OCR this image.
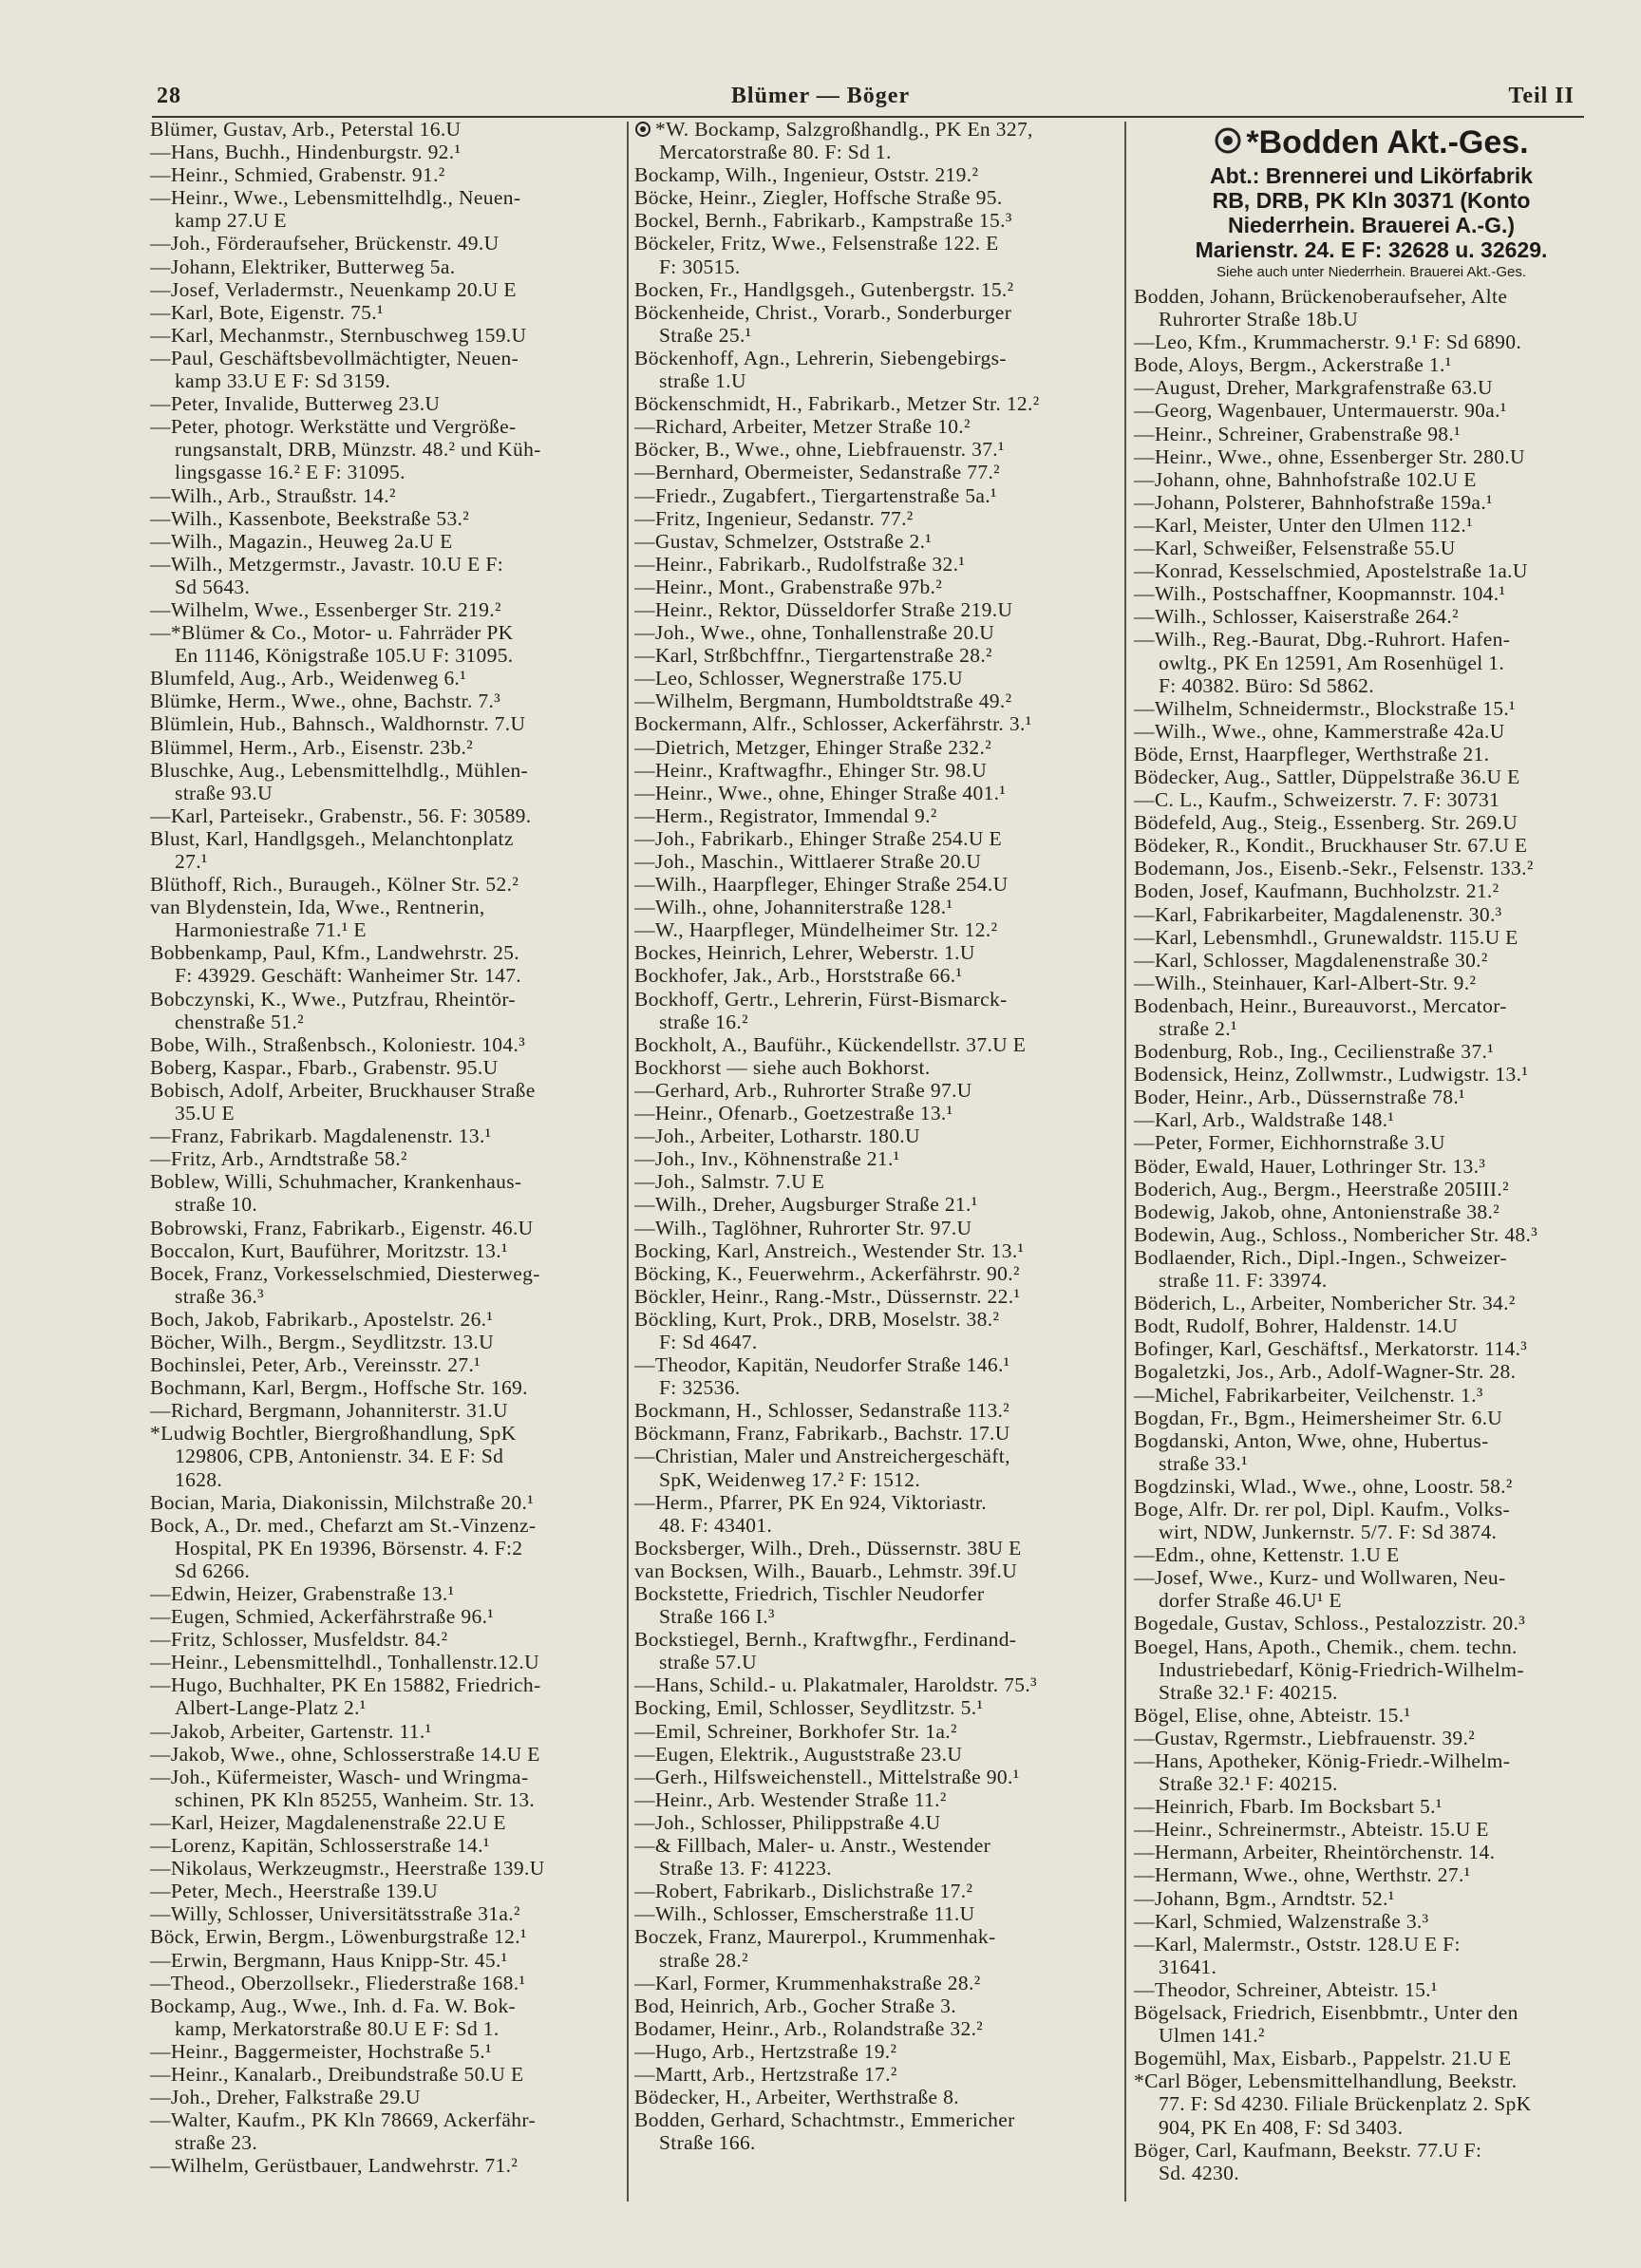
28	Blümer — Böger	Teil II
*Bodden Akt.-Ges.
Abt.: Brennerei und Likörfabrik
RB, DRB, PK Kln 30371 (Konto
Niederrhein. Brauerei A.-G.)
Marienstr. 24. E F: 32628 u. 32629.
Siehe auch unter Niederrhein. Brauerei Akt.-Ges.
Blümer, Gustav, Arb., Peterstal 16.U
—Hans, Buchh., Hindenburgstr. 92.¹
—Heinr., Schmied, Grabenstr. 91.²
—Heinr., Wwe., Lebensmittelhdlg., Neuen-
kamp 27.U E
—Joh., Förderaufseher, Brückenstr. 49.U
—Johann, Elektriker, Butterweg 5a.
—Josef, Verladermstr., Neuenkamp 20.U E
—Karl, Bote, Eigenstr. 75.¹
—Karl, Mechanmstr., Sternbuschweg 159.U
—Paul, Geschäftsbevollmächtigter, Neuen-
kamp 33.U E F: Sd 3159.
—Peter, Invalide, Butterweg 23.U
—Peter, photogr. Werkstätte und Vergröße-
rungsanstalt, DRB, Münzstr. 48.² und Küh-
lingsgasse 16.² E F: 31095.
—Wilh., Arb., Straußstr. 14.²
—Wilh., Kassenbote, Beekstraße 53.²
—Wilh., Magazin., Heuweg 2a.U E
—Wilh., Metzgermstr., Javastr. 10.U E F:
Sd 5643.
—Wilhelm, Wwe., Essenberger Str. 219.²
—*Blümer & Co., Motor- u. Fahrräder PK
En 11146, Königstraße 105.U F: 31095.
Blumfeld, Aug., Arb., Weidenweg 6.¹
Blümke, Herm., Wwe., ohne, Bachstr. 7.³
Blümlein, Hub., Bahnsch., Waldhornstr. 7.U
Blümmel, Herm., Arb., Eisenstr. 23b.²
Bluschke, Aug., Lebensmittelhdlg., Mühlen-
straße 93.U
—Karl, Parteisekr., Grabenstr., 56. F: 30589.
Blust, Karl, Handlgsgeh., Melanchtonplatz
27.¹
Blüthoff, Rich., Buraugeh., Kölner Str. 52.²
van Blydenstein, Ida, Wwe., Rentnerin,
Harmoniestraße 71.¹ E
Bobbenkamp, Paul, Kfm., Landwehrstr. 25.
F: 43929. Geschäft: Wanheimer Str. 147.
Bobczynski, K., Wwe., Putzfrau, Rheintör-
chenstraße 51.²
Bobe, Wilh., Straßenbsch., Koloniestr. 104.³
Boberg, Kaspar., Fbarb., Grabenstr. 95.U
Bobisch, Adolf, Arbeiter, Bruckhauser Straße
35.U E
—Franz, Fabrikarb. Magdalenenstr. 13.¹
—Fritz, Arb., Arndtstraße 58.²
Boblew, Willi, Schuhmacher, Krankenhaus-
straße 10.
Bobrowski, Franz, Fabrikarb., Eigenstr. 46.U
Boccalon, Kurt, Bauführer, Moritzstr. 13.¹
Bocek, Franz, Vorkesselschmied, Diesterweg-
straße 36.³
Boch, Jakob, Fabrikarb., Apostelstr. 26.¹
Böcher, Wilh., Bergm., Seydlitzstr. 13.U
Bochinslei, Peter, Arb., Vereinsstr. 27.¹
Bochmann, Karl, Bergm., Hoffsche Str. 169.
—Richard, Bergmann, Johanniterstr. 31.U
*Ludwig Bochtler, Biergroßhandlung, SpK
129806, CPB, Antonienstr. 34. E F: Sd
1628.
Bocian, Maria, Diakonissin, Milchstraße 20.¹
Bock, A., Dr. med., Chefarzt am St.-Vinzenz-
Hospital, PK En 19396, Börsenstr. 4. F:2
Sd 6266.
—Edwin, Heizer, Grabenstraße 13.¹
—Eugen, Schmied, Ackerfährstraße 96.¹
—Fritz, Schlosser, Musfeldstr. 84.²
—Heinr., Lebensmittelhdl., Tonhallenstr.12.U
—Hugo, Buchhalter, PK En 15882, Friedrich-
Albert-Lange-Platz 2.¹
—Jakob, Arbeiter, Gartenstr. 11.¹
—Jakob, Wwe., ohne, Schlosserstraße 14.U E
—Joh., Küfermeister, Wasch- und Wringma-
schinen, PK Kln 85255, Wanheim. Str. 13.
—Karl, Heizer, Magdalenenstraße 22.U E
—Lorenz, Kapitän, Schlosserstraße 14.¹
—Nikolaus, Werkzeugmstr., Heerstraße 139.U
—Peter, Mech., Heerstraße 139.U
—Willy, Schlosser, Universitätsstraße 31a.²
Böck, Erwin, Bergm., Löwenburgstraße 12.¹
—Erwin, Bergmann, Haus Knipp-Str. 45.¹
—Theod., Oberzollsekr., Fliederstraße 168.¹
Bockamp, Aug., Wwe., Inh. d. Fa. W. Bok-
kamp, Merkatorstraße 80.U E F: Sd 1.
—Heinr., Baggermeister, Hochstraße 5.¹
—Heinr., Kanalarb., Dreibundstraße 50.U E
—Joh., Dreher, Falkstraße 29.U
—Walter, Kaufm., PK Kln 78669, Ackerfähr-
straße 23.
—Wilhelm, Gerüstbauer, Landwehrstr. 71.²
*W. Bockamp, Salzgroßhandlg., PK En 327,
Mercatorstraße 80. F: Sd 1.
Bockamp, Wilh., Ingenieur, Oststr. 219.²
Böcke, Heinr., Ziegler, Hoffsche Straße 95.
Bockel, Bernh., Fabrikarb., Kampstraße 15.³
Böckeler, Fritz, Wwe., Felsenstraße 122. E
F: 30515.
Bocken, Fr., Handlgsgeh., Gutenbergstr. 15.²
Böckenheide, Christ., Vorarb., Sonderburger
Straße 25.¹
Böckenhoff, Agn., Lehrerin, Siebengebirgs-
straße 1.U
Böckenschmidt, H., Fabrikarb., Metzer Str. 12.²
—Richard, Arbeiter, Metzer Straße 10.²
Böcker, B., Wwe., ohne, Liebfrauenstr. 37.¹
—Bernhard, Obermeister, Sedanstraße 77.²
—Friedr., Zugabfert., Tiergartenstraße 5a.¹
—Fritz, Ingenieur, Sedanstr. 77.²
—Gustav, Schmelzer, Oststraße 2.¹
—Heinr., Fabrikarb., Rudolfstraße 32.¹
—Heinr., Mont., Grabenstraße 97b.²
—Heinr., Rektor, Düsseldorfer Straße 219.U
—Joh., Wwe., ohne, Tonhallenstraße 20.U
—Karl, Strßbchffnr., Tiergartenstraße 28.²
—Leo, Schlosser, Wegnerstraße 175.U
—Wilhelm, Bergmann, Humboldtstraße 49.²
Bockermann, Alfr., Schlosser, Ackerfährstr. 3.¹
—Dietrich, Metzger, Ehinger Straße 232.²
—Heinr., Kraftwagfhr., Ehinger Str. 98.U
—Heinr., Wwe., ohne, Ehinger Straße 401.¹
—Herm., Registrator, Immendal 9.²
—Joh., Fabrikarb., Ehinger Straße 254.U E
—Joh., Maschin., Wittlaerer Straße 20.U
—Wilh., Haarpfleger, Ehinger Straße 254.U
—Wilh., ohne, Johanniterstraße 128.¹
—W., Haarpfleger, Mündelheimer Str. 12.²
Bockes, Heinrich, Lehrer, Weberstr. 1.U
Bockhofer, Jak., Arb., Horststraße 66.¹
Bockhoff, Gertr., Lehrerin, Fürst-Bismarck-
straße 16.²
Bockholt, A., Bauführ., Kückendellstr. 37.U E
Bockhorst — siehe auch Bokhorst.
—Gerhard, Arb., Ruhrorter Straße 97.U
—Heinr., Ofenarb., Goetzestraße 13.¹
—Joh., Arbeiter, Lotharstr. 180.U
—Joh., Inv., Köhnenstraße 21.¹
—Joh., Salmstr. 7.U E
—Wilh., Dreher, Augsburger Straße 21.¹
—Wilh., Taglöhner, Ruhrorter Str. 97.U
Bocking, Karl, Anstreich., Westender Str. 13.¹
Böcking, K., Feuerwehrm., Ackerfährstr. 90.²
Böckler, Heinr., Rang.-Mstr., Düssernstr. 22.¹
Böckling, Kurt, Prok., DRB, Moselstr. 38.²
F: Sd 4647.
—Theodor, Kapitän, Neudorfer Straße 146.¹
F: 32536.
Bockmann, H., Schlosser, Sedanstraße 113.²
Böckmann, Franz, Fabrikarb., Bachstr. 17.U
—Christian, Maler und Anstreichergeschäft,
SpK, Weidenweg 17.² F: 1512.
—Herm., Pfarrer, PK En 924, Viktoriastr.
48. F: 43401.
Bocksberger, Wilh., Dreh., Düssernstr. 38U E
van Bocksen, Wilh., Bauarb., Lehmstr. 39f.U
Bockstette, Friedrich, Tischler Neudorfer
Straße 166 I.³
Bockstiegel, Bernh., Kraftwgfhr., Ferdinand-
straße 57.U
—Hans, Schild.- u. Plakatmaler, Haroldstr. 75.³
Bocking, Emil, Schlosser, Seydlitzstr. 5.¹
—Emil, Schreiner, Borkhofer Str. 1a.²
—Eugen, Elektrik., Auguststraße 23.U
—Gerh., Hilfsweichenstell., Mittelstraße 90.¹
—Heinr., Arb. Westender Straße 11.²
—Joh., Schlosser, Philippstraße 4.U
—& Fillbach, Maler- u. Anstr., Westender
Straße 13. F: 41223.
—Robert, Fabrikarb., Dislichstraße 17.²
—Wilh., Schlosser, Emscherstraße 11.U
Boczek, Franz, Maurerpol., Krummenhak-
straße 28.²
—Karl, Former, Krummenhakstraße 28.²
Bod, Heinrich, Arb., Gocher Straße 3.
Bodamer, Heinr., Arb., Rolandstraße 32.²
—Hugo, Arb., Hertzstraße 19.²
—Martt, Arb., Hertzstraße 17.²
Bödecker, H., Arbeiter, Werthstraße 8.
Bodden, Gerhard, Schachtmstr., Emmericher
Straße 166.
Bodden, Johann, Brückenoberaufseher, Alte
Ruhrorter Straße 18b.U
—Leo, Kfm., Krummacherstr. 9.¹ F: Sd 6890.
Bode, Aloys, Bergm., Ackerstraße 1.¹
—August, Dreher, Markgrafenstraße 63.U
—Georg, Wagenbauer, Untermauerstr. 90a.¹
—Heinr., Schreiner, Grabenstraße 98.¹
—Heinr., Wwe., ohne, Essenberger Str. 280.U
—Johann, ohne, Bahnhofstraße 102.U E
—Johann, Polsterer, Bahnhofstraße 159a.¹
—Karl, Meister, Unter den Ulmen 112.¹
—Karl, Schweißer, Felsenstraße 55.U
—Konrad, Kesselschmied, Apostelstraße 1a.U
—Wilh., Postschaffner, Koopmannstr. 104.¹
—Wilh., Schlosser, Kaiserstraße 264.²
—Wilh., Reg.-Baurat, Dbg.-Ruhrort. Hafen-
owltg., PK En 12591, Am Rosenhügel 1.
F: 40382. Büro: Sd 5862.
—Wilhelm, Schneidermstr., Blockstraße 15.¹
—Wilh., Wwe., ohne, Kammerstraße 42a.U
Böde, Ernst, Haarpfleger, Werthstraße 21.
Bödecker, Aug., Sattler, Düppelstraße 36.U E
—C. L., Kaufm., Schweizerstr. 7. F: 30731
Bödefeld, Aug., Steig., Essenberg. Str. 269.U
Bödeker, R., Kondit., Bruckhauser Str. 67.U E
Bodemann, Jos., Eisenb.-Sekr., Felsenstr. 133.²
Boden, Josef, Kaufmann, Buchholzstr. 21.²
—Karl, Fabrikarbeiter, Magdalenenstr. 30.³
—Karl, Lebensmhdl., Grunewaldstr. 115.U E
—Karl, Schlosser, Magdalenenstraße 30.²
—Wilh., Steinhauer, Karl-Albert-Str. 9.²
Bodenbach, Heinr., Bureauvorst., Mercator-
straße 2.¹
Bodenburg, Rob., Ing., Cecilienstraße 37.¹
Bodensick, Heinz, Zollwmstr., Ludwigstr. 13.¹
Boder, Heinr., Arb., Düssernstraße 78.¹
—Karl, Arb., Waldstraße 148.¹
—Peter, Former, Eichhornstraße 3.U
Böder, Ewald, Hauer, Lothringer Str. 13.³
Boderich, Aug., Bergm., Heerstraße 205III.²
Bodewig, Jakob, ohne, Antonienstraße 38.²
Bodewin, Aug., Schloss., Nombericher Str. 48.³
Bodlaender, Rich., Dipl.-Ingen., Schweizer-
straße 11. F: 33974.
Böderich, L., Arbeiter, Nombericher Str. 34.²
Bodt, Rudolf, Bohrer, Haldenstr. 14.U
Bofinger, Karl, Geschäftsf., Merkatorstr. 114.³
Bogaletzki, Jos., Arb., Adolf-Wagner-Str. 28.
—Michel, Fabrikarbeiter, Veilchenstr. 1.³
Bogdan, Fr., Bgm., Heimersheimer Str. 6.U
Bogdanski, Anton, Wwe, ohne, Hubertus-
straße 33.¹
Bogdzinski, Wlad., Wwe., ohne, Loostr. 58.²
Boge, Alfr. Dr. rer pol, Dipl. Kaufm., Volks-
wirt, NDW, Junkernstr. 5/7. F: Sd 3874.
—Edm., ohne, Kettenstr. 1.U E
—Josef, Wwe., Kurz- und Wollwaren, Neu-
dorfer Straße 46.U¹ E
Bogedale, Gustav, Schloss., Pestalozzistr. 20.³
Boegel, Hans, Apoth., Chemik., chem. techn.
Industriebedarf, König-Friedrich-Wilhelm-
Straße 32.¹ F: 40215.
Bögel, Elise, ohne, Abteistr. 15.¹
—Gustav, Rgermstr., Liebfrauenstr. 39.²
—Hans, Apotheker, König-Friedr.-Wilhelm-
Straße 32.¹ F: 40215.
—Heinrich, Fbarb. Im Bocksbart 5.¹
—Heinr., Schreinermstr., Abteistr. 15.U E
—Hermann, Arbeiter, Rheintörchenstr. 14.
—Hermann, Wwe., ohne, Werthstr. 27.¹
—Johann, Bgm., Arndtstr. 52.¹
—Karl, Schmied, Walzenstraße 3.³
—Karl, Malermstr., Oststr. 128.U E F:
31641.
—Theodor, Schreiner, Abteistr. 15.¹
Bögelsack, Friedrich, Eisenbbmtr., Unter den
Ulmen 141.²
Bogemühl, Max, Eisbarb., Pappelstr. 21.U E
*Carl Böger, Lebensmittelhandlung, Beekstr.
77. F: Sd 4230. Filiale Brückenplatz 2. SpK
904, PK En 408, F: Sd 3403.
Böger, Carl, Kaufmann, Beekstr. 77.U F:
Sd. 4230.
